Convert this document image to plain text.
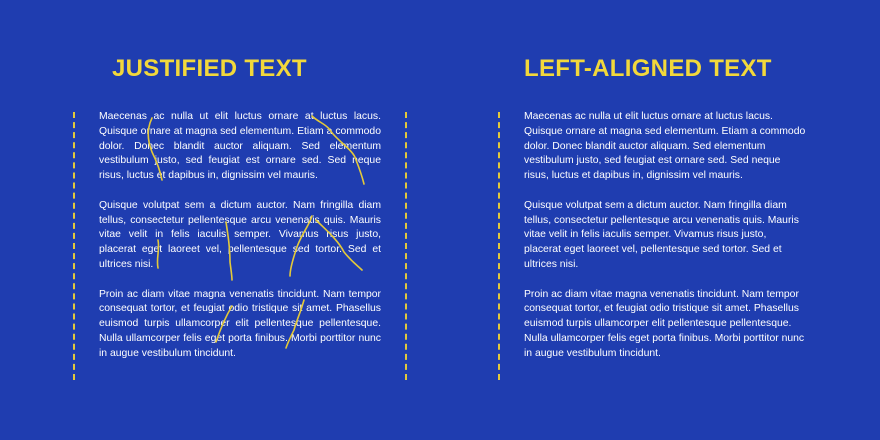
JUSTIFIED TEXT	LEFT-ALIGNED TEXT

Maecenas ac nulla ut elit luctus ornare at luctus lacus. Quisque ornare at magna sed elementum. Etiam a commodo dolor. Donec blandit auctor aliquam. Sed elementum vestibulum justo, sed feugiat est ornare sed. Sed neque risus, luctus et dapibus in, dignissim vel mauris.

Quisque volutpat sem a dictum auctor. Nam fringilla diam tellus, consectetur pellentesque arcu venenatis quis. Mauris vitae velit in felis iaculis semper. Vivamus risus justo, placerat eget laoreet vel, pellentesque sed tortor. Sed et ultrices nisi.

Proin ac diam vitae magna venenatis tincidunt. Nam tempor consequat tortor, et feugiat odio tristique sit amet. Phasellus euismod turpis ullamcorper elit pellentesque pellentesque. Nulla ullamcorper felis eget porta finibus. Morbi porttitor nunc in augue vestibulum tincidunt.

Maecenas ac nulla ut elit luctus ornare at luctus lacus. Quisque ornare at magna sed elementum. Etiam a commodo dolor. Donec blandit auctor aliquam. Sed elementum vestibulum justo, sed feugiat est ornare sed. Sed neque risus, luctus et dapibus in, dignissim vel mauris.

Quisque volutpat sem a dictum auctor. Nam fringilla diam tellus, consectetur pellentesque arcu venenatis quis. Mauris vitae velit in felis iaculis semper. Vivamus risus justo, placerat eget laoreet vel, pellentesque sed tortor. Sed et ultrices nisi.

Proin ac diam vitae magna venenatis tincidunt. Nam tempor consequat tortor, et feugiat odio tristique sit amet. Phasellus euismod turpis ullamcorper elit pellentesque pellentesque. Nulla ullamcorper felis eget porta finibus. Morbi porttitor nunc in augue vestibulum tincidunt.
